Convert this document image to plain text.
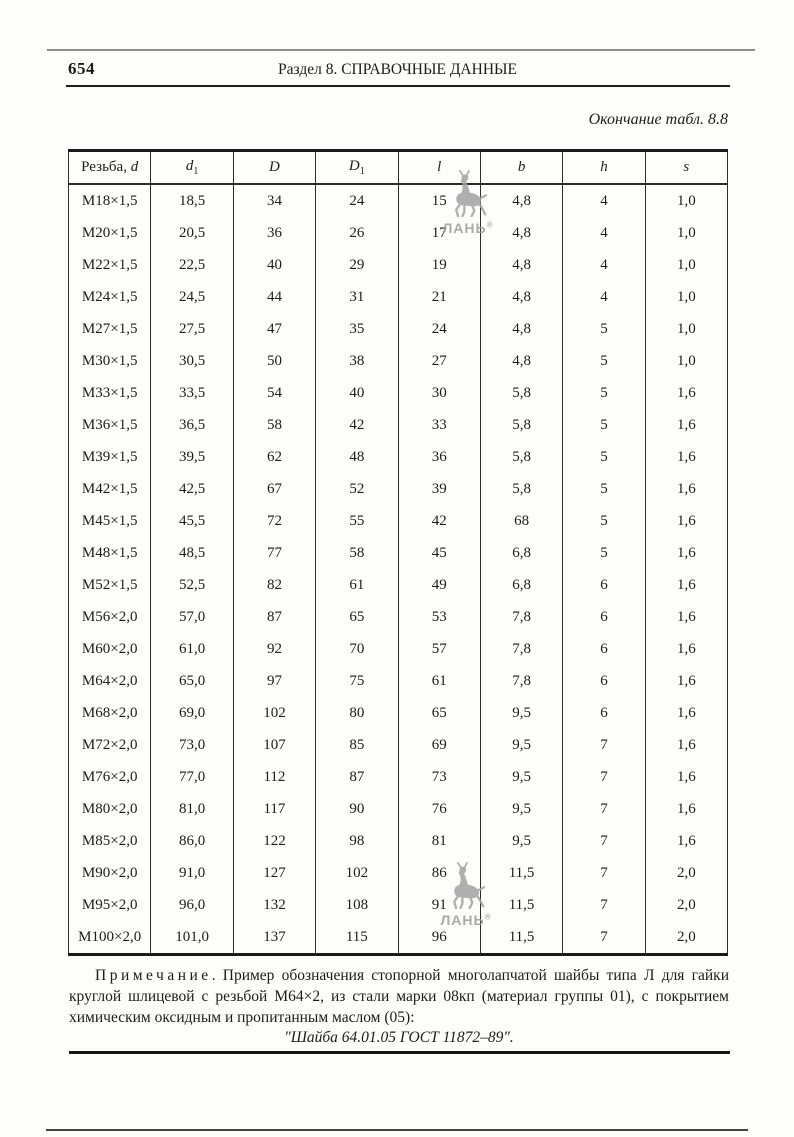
654	Раздел 8. СПРАВОЧНЫЕ ДАННЫЕ
Окончание табл. 8.8
Резьба, d	$d_1$	D	$D_1$	l	b	h	s
М18×1,5	18,5	34	24	15	4,8	4	1,0
М20×1,5	20,5	36	26	17	4,8	4	1,0
М22×1,5	22,5	40	29	19	4,8	4	1,0
М24×1,5	24,5	44	31	21	4,8	4	1,0
М27×1,5	27,5	47	35	24	4,8	5	1,0
М30×1,5	30,5	50	38	27	4,8	5	1,0
М33×1,5	33,5	54	40	30	5,8	5	1,6
М36×1,5	36,5	58	42	33	5,8	5	1,6
М39×1,5	39,5	62	48	36	5,8	5	1,6
М42×1,5	42,5	67	52	39	5,8	5	1,6
М45×1,5	45,5	72	55	42	68	5	1,6
М48×1,5	48,5	77	58	45	6,8	5	1,6
М52×1,5	52,5	82	61	49	6,8	6	1,6
М56×2,0	57,0	87	65	53	7,8	6	1,6
М60×2,0	61,0	92	70	57	7,8	6	1,6
М64×2,0	65,0	97	75	61	7,8	6	1,6
М68×2,0	69,0	102	80	65	9,5	6	1,6
М72×2,0	73,0	107	85	69	9,5	7	1,6
М76×2,0	77,0	112	87	73	9,5	7	1,6
М80×2,0	81,0	117	90	76	9,5	7	1,6
М85×2,0	86,0	122	98	81	9,5	7	1,6
М90×2,0	91,0	127	102	86	11,5	7	2,0
М95×2,0	96,0	132	108	91	11,5	7	2,0
М100×2,0	101,0	137	115	96	11,5	7	2,0
ЛАНЬ®
ЛАНЬ®

Примечание. Пример обозначения стопорной многолапчатой шайбы типа Л для гайки круглой шлицевой с резьбой М64×2, из стали марки 08кп (материал группы 01), с покрытием химическим оксидным и пропитанным маслом (05):

"Шайба 64.01.05 ГОСТ 11872–89".
